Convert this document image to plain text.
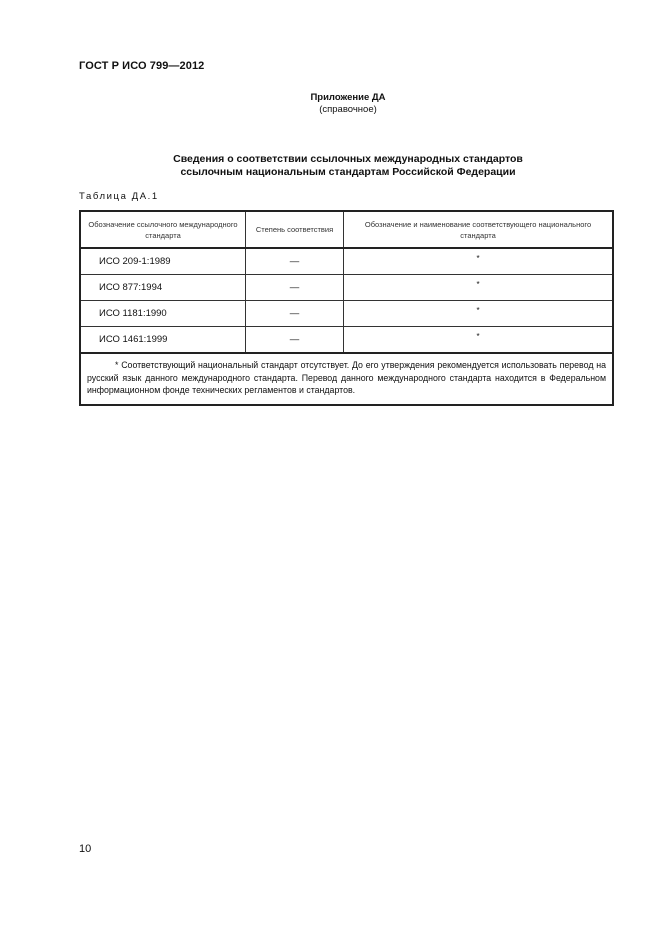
ГОСТ Р ИСО 799—2012
Приложение ДА
(справочное)
Сведения о соответствии ссылочных международных стандартов
ссылочным национальным стандартам Российской Федерации
Таблица ДА.1
Обозначение ссылочного международного стандарта	Степень соответствия	Обозначение и наименование соответствующего национального стандарта
ИСО 209-1:1989	—	*
ИСО 877:1994	—	*
ИСО 1181:1990	—	*
ИСО 1461:1999	—	*
* Соответствующий национальный стандарт отсутствует. До его утверждения рекомендуется использовать перевод на русский язык данного международного стандарта. Перевод данного международного стандарта находится в Федеральном информационном фонде технических регламентов и стандартов.		
10
